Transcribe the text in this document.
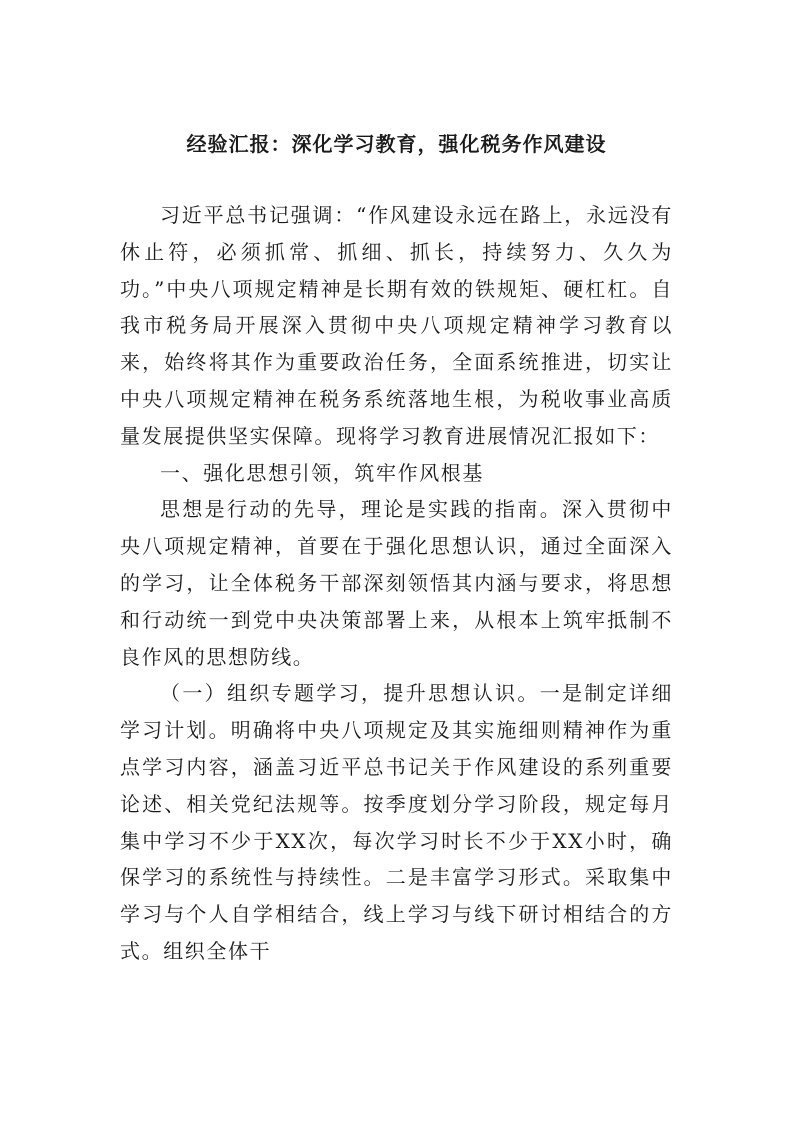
经验汇报：深化学习教育，强化税务作风建设

习近平总书记强调：“作风建设永远在路上，永远没有休止符，必须抓常、抓细、抓长，持续努力、久久为功。”中央八项规定精神是长期有效的铁规矩、硬杠杠。自我市税务局开展深入贯彻中央八项规定精神学习教育以来，始终将其作为重要政治任务，全面系统推进，切实让中央八项规定精神在税务系统落地生根，为税收事业高质量发展提供坚实保障。现将学习教育进展情况汇报如下：

一、强化思想引领，筑牢作风根基

思想是行动的先导，理论是实践的指南。深入贯彻中央八项规定精神，首要在于强化思想认识，通过全面深入的学习，让全体税务干部深刻领悟其内涵与要求，将思想和行动统一到党中央决策部署上来，从根本上筑牢抵制不良作风的思想防线。

（一）组织专题学习，提升思想认识。一是制定详细学习计划。明确将中央八项规定及其实施细则精神作为重点学习内容，涵盖习近平总书记关于作风建设的系列重要论述、相关党纪法规等。按季度划分学习阶段，规定每月集中学习不少于XX次，每次学习时长不少于XX小时，确保学习的系统性与持续性。二是丰富学习形式。采取集中学习与个人自学相结合，线上学习与线下研讨相结合的方式。组织全体干
